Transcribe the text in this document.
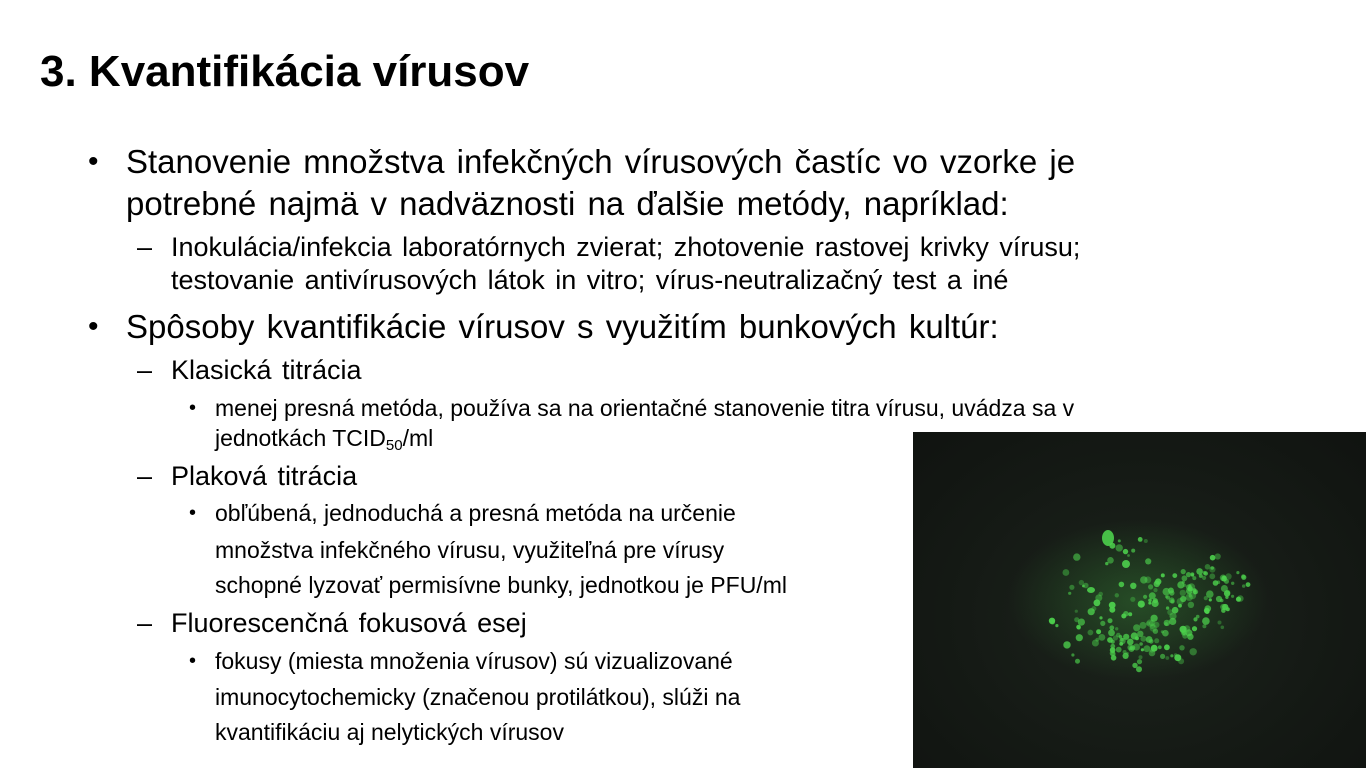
3. Kvantifikácia vírusov
• Stanovenie množstva infekčných vírusových častíc vo vzorke je
potrebné najmä v nadväznosti na ďalšie metódy, napríklad:
– Inokulácia/infekcia laboratórnych zvierat; zhotovenie rastovej krivky vírusu;
testovanie antivírusových látok in vitro; vírus-neutralizačný test a iné
• Spôsoby kvantifikácie vírusov s využitím bunkových kultúr:
– Klasická titrácia
• menej presná metóda, používa sa na orientačné stanovenie titra vírusu, uvádza sa v
jednotkách $TCID_{50}/ml$
– Plaková titrácia
• obľúbená, jednoduchá a presná metóda na určenie
množstva infekčného vírusu, využiteľná pre vírusy
schopné lyzovať permisívne bunky, jednotkou je PFU/ml
– Fluorescenčná fokusová esej
• fokusy (miesta množenia vírusov) sú vizualizované
imunocytochemicky (značenou protilátkou), slúži na
kvantifikáciu aj nelytických vírusov
